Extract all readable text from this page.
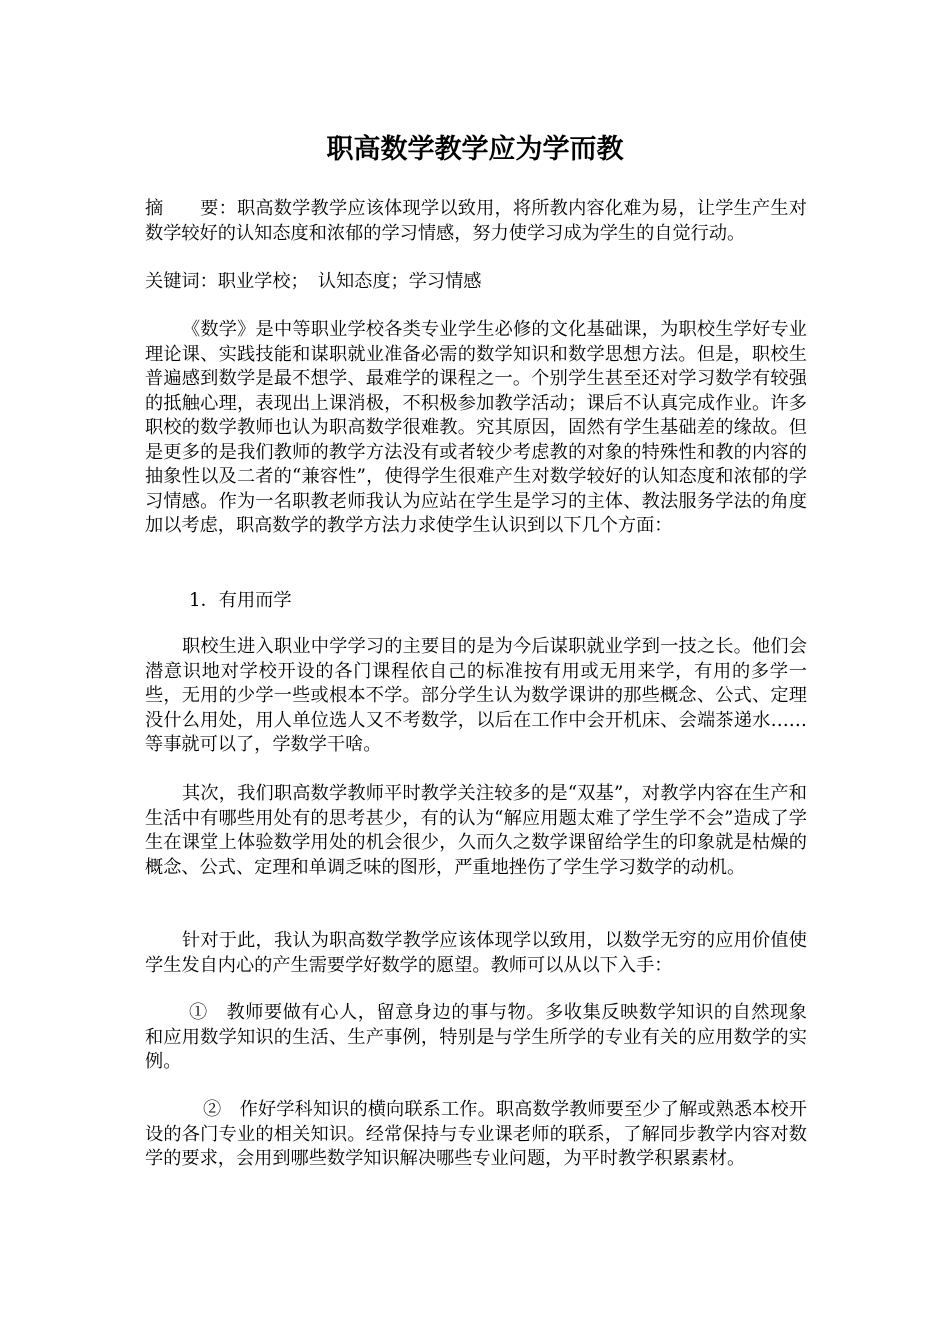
职高数学教学应为学而教

摘　　要：职高数学教学应该体现学以致用，将所教内容化难为易，让学生产生对数学较好的认知态度和浓郁的学习情感，努力使学习成为学生的自觉行动。

关键词：职业学校；　认知态度；学习情感

《数学》是中等职业学校各类专业学生必修的文化基础课，为职校生学好专业理论课、实践技能和谋职就业准备必需的数学知识和数学思想方法。但是，职校生普遍感到数学是最不想学、最难学的课程之一。个别学生甚至还对学习数学有较强的抵触心理，表现出上课消极，不积极参加教学活动；课后不认真完成作业。许多职校的数学教师也认为职高数学很难教。究其原因，固然有学生基础差的缘故。但是更多的是我们教师的教学方法没有或者较少考虑教的对象的特殊性和教的内容的抽象性以及二者的“兼容性”，使得学生很难产生对数学较好的认知态度和浓郁的学习情感。作为一名职教老师我认为应站在学生是学习的主体、教法服务学法的角度加以考虑，职高数学的教学方法力求使学生认识到以下几个方面：

1．有用而学

职校生进入职业中学学习的主要目的是为今后谋职就业学到一技之长。他们会潜意识地对学校开设的各门课程依自己的标准按有用或无用来学，有用的多学一些，无用的少学一些或根本不学。部分学生认为数学课讲的那些概念、公式、定理没什么用处，用人单位选人又不考数学，以后在工作中会开机床、会端茶递水……等事就可以了，学数学干啥。

其次，我们职高数学教师平时教学关注较多的是“双基”，对教学内容在生产和生活中有哪些用处有的思考甚少，有的认为“解应用题太难了学生学不会”造成了学生在课堂上体验数学用处的机会很少，久而久之数学课留给学生的印象就是枯燥的概念、公式、定理和单调乏味的图形，严重地挫伤了学生学习数学的动机。

针对于此，我认为职高数学教学应该体现学以致用，以数学无穷的应用价值使学生发自内心的产生需要学好数学的愿望。教师可以从以下入手：

①　教师要做有心人，留意身边的事与物。多收集反映数学知识的自然现象和应用数学知识的生活、生产事例，特别是与学生所学的专业有关的应用数学的实例。

②　作好学科知识的横向联系工作。职高数学教师要至少了解或熟悉本校开设的各门专业的相关知识。经常保持与专业课老师的联系，了解同步教学内容对数学的要求，会用到哪些数学知识解决哪些专业问题，为平时教学积累素材。
